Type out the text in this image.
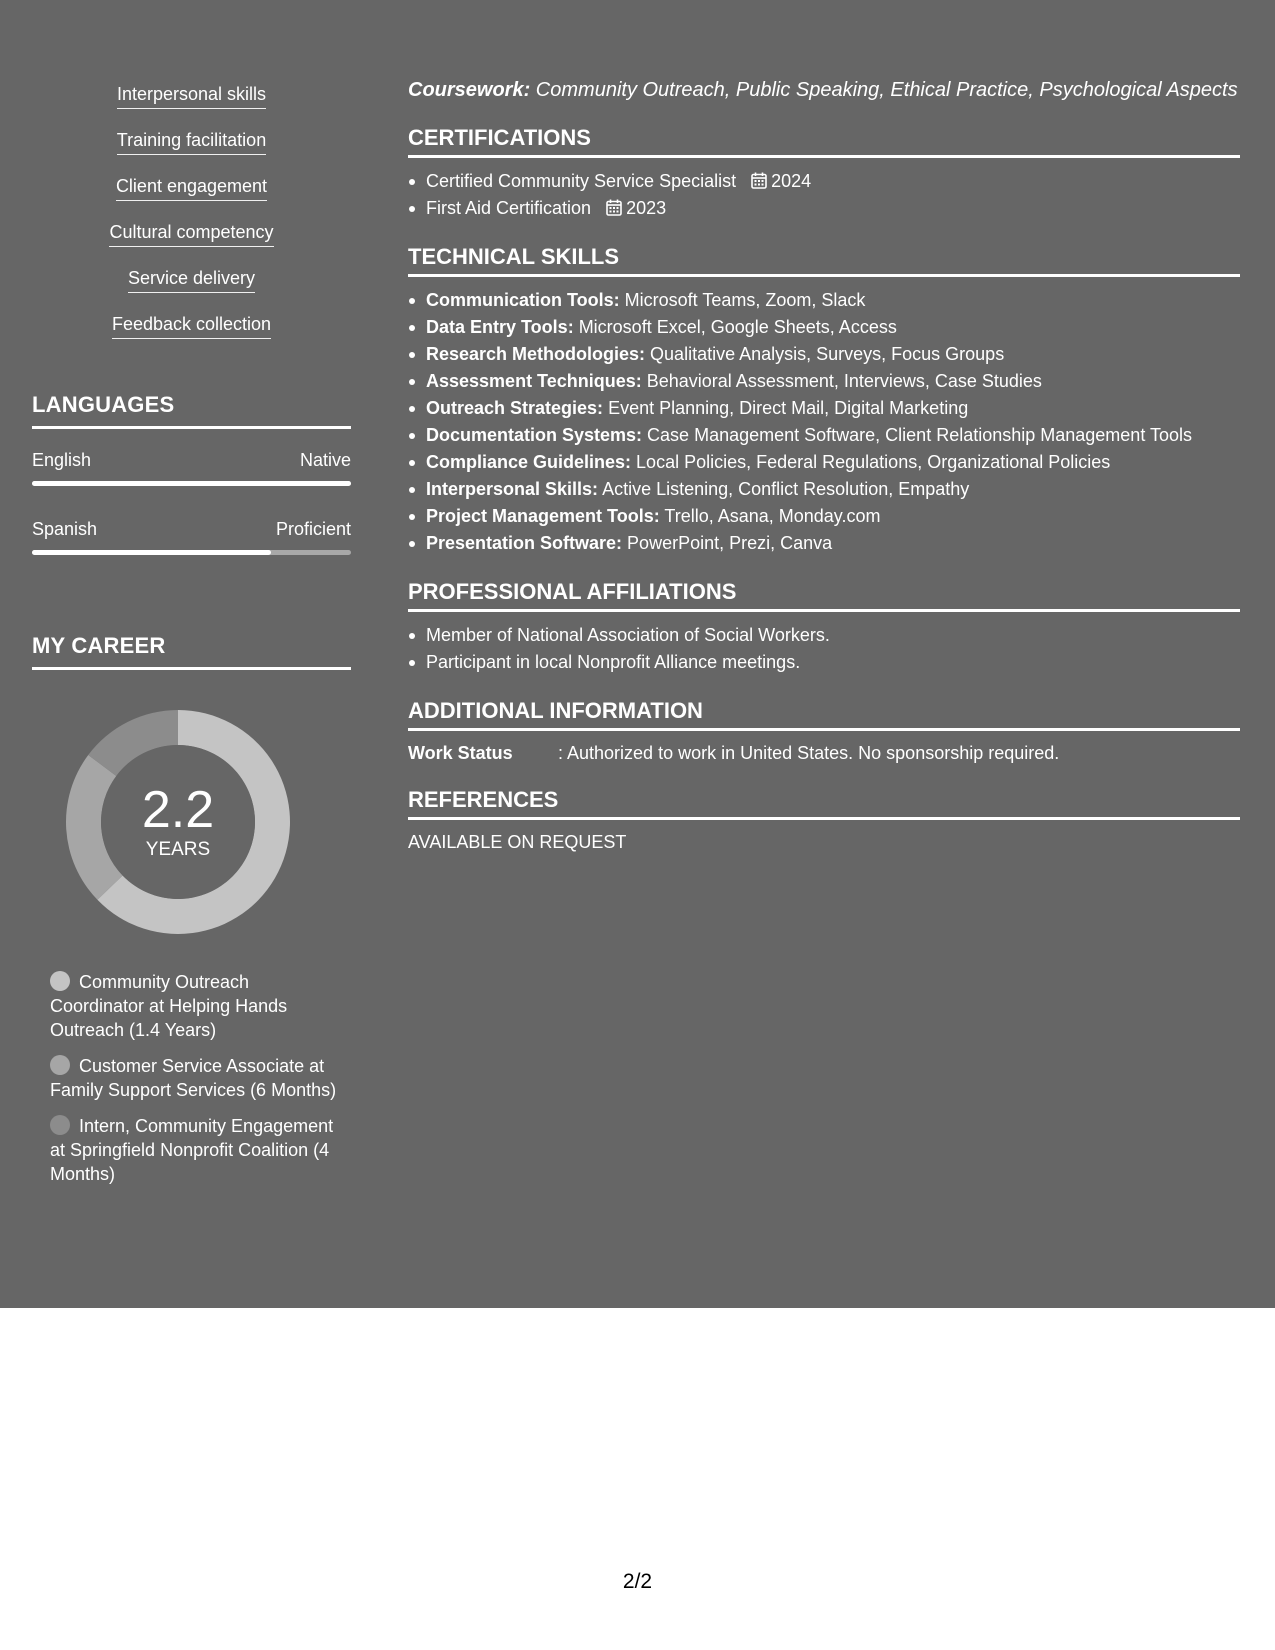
Interpersonal skills
Training facilitation
Client engagement
Cultural competency
Service delivery
Feedback collection
LANGUAGES
English	Native
Spanish	Proficient
MY CAREER
2.2
YEARS
Community Outreach Coordinator at Helping Hands Outreach (1.4 Years)
Customer Service Associate at Family Support Services (6 Months)
Intern, Community Engagement at Springfield Nonprofit Coalition (4 Months)
Coursework: Community Outreach, Public Speaking, Ethical Practice, Psychological Aspects
CERTIFICATIONS
Certified Community Service Specialist 2024
First Aid Certification 2023
TECHNICAL SKILLS
Communication Tools: Microsoft Teams, Zoom, Slack
Data Entry Tools: Microsoft Excel, Google Sheets, Access
Research Methodologies: Qualitative Analysis, Surveys, Focus Groups
Assessment Techniques: Behavioral Assessment, Interviews, Case Studies
Outreach Strategies: Event Planning, Direct Mail, Digital Marketing
Documentation Systems: Case Management Software, Client Relationship Management Tools
Compliance Guidelines: Local Policies, Federal Regulations, Organizational Policies
Interpersonal Skills: Active Listening, Conflict Resolution, Empathy
Project Management Tools: Trello, Asana, Monday.com
Presentation Software: PowerPoint, Prezi, Canva
PROFESSIONAL AFFILIATIONS
Member of National Association of Social Workers.
Participant in local Nonprofit Alliance meetings.
ADDITIONAL INFORMATION
Work Status	: Authorized to work in United States. No sponsorship required.
REFERENCES
AVAILABLE ON REQUEST
2/2
